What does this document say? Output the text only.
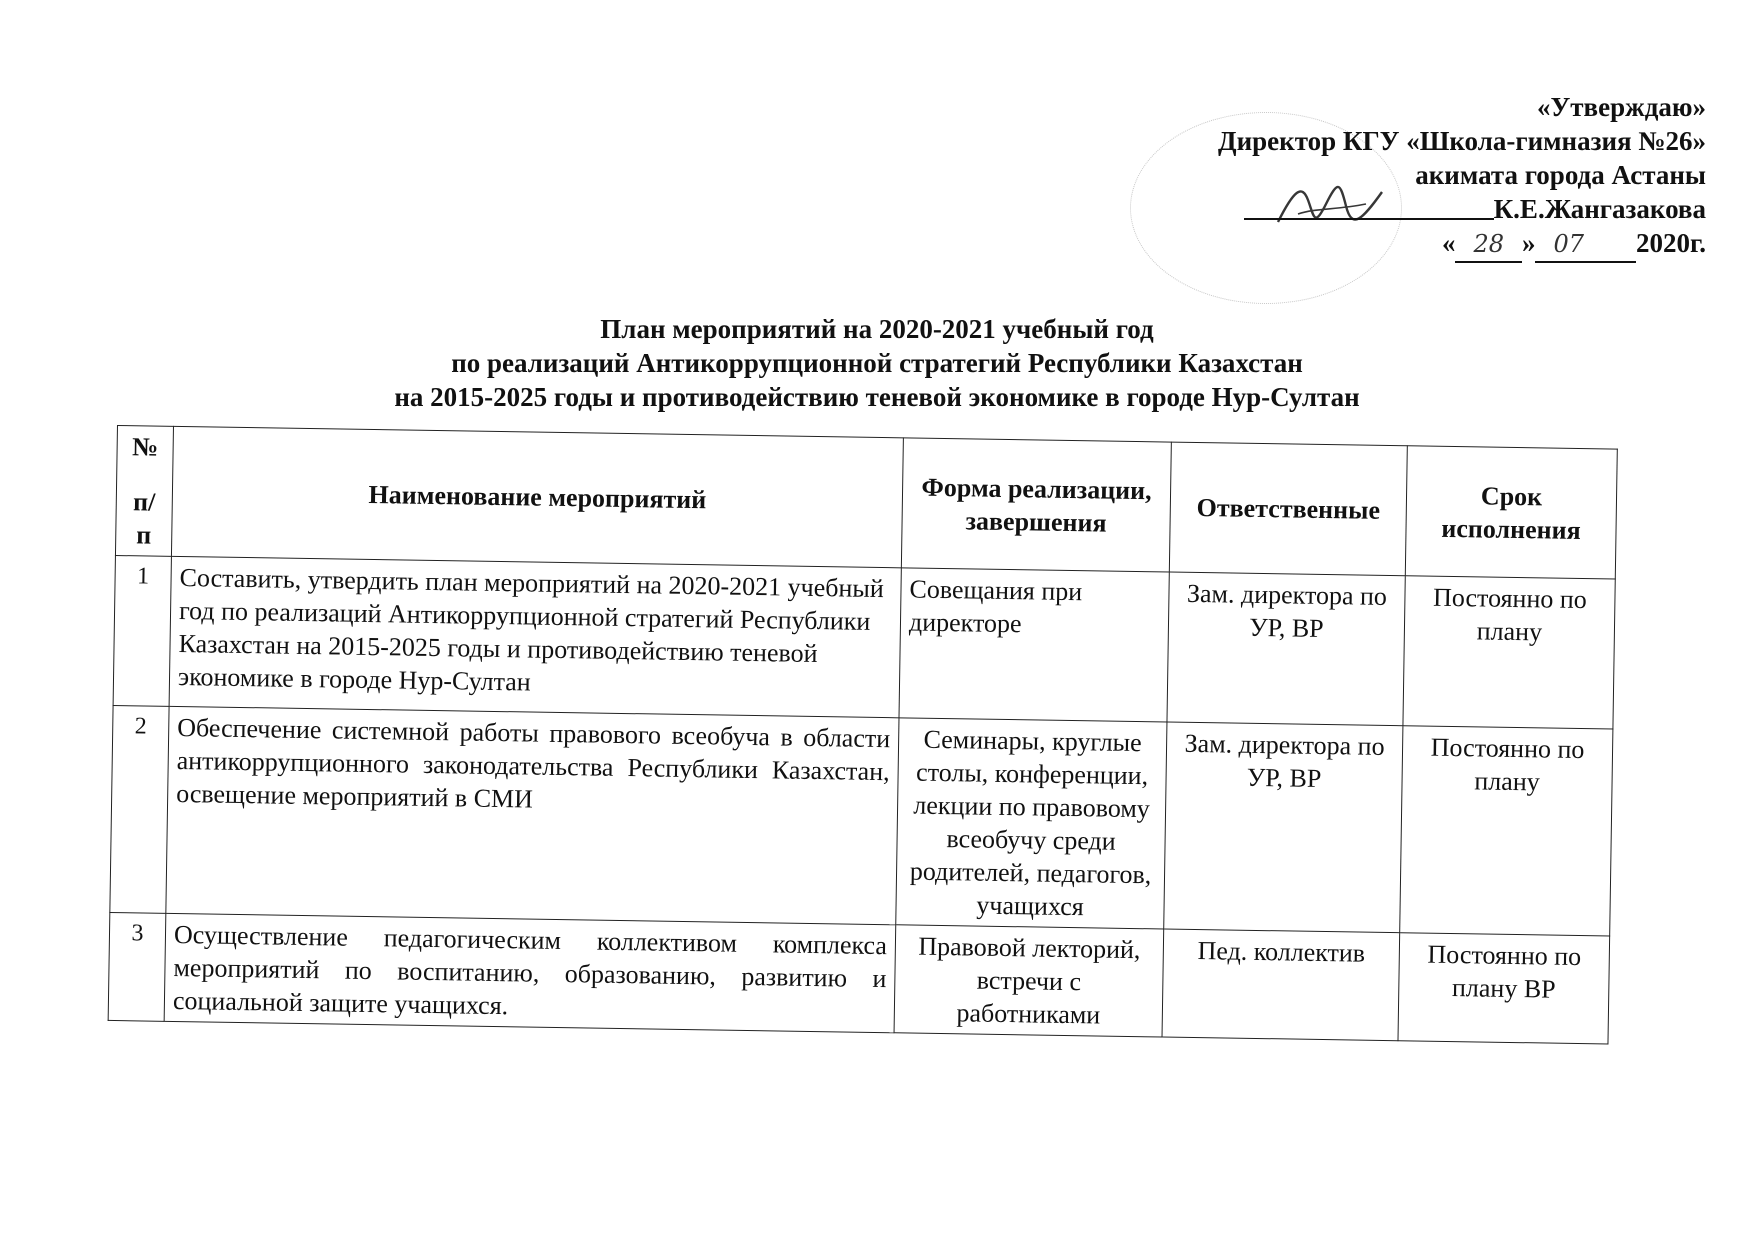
«Утверждаю»
Директор КГУ «Школа-гимназия №26»
акимата города Астаны
К.Е.Жангазакова
« 28 » 07 2020г.
План мероприятий на 2020-2021 учебный год
по реализаций Антикоррупционной стратегий Республики Казахстан
на 2015-2025 годы и противодействию теневой экономике в городе Нур-Султан
№
п/
п	Наименование мероприятий	Форма реализации, завершения	Ответственные	Срок исполнения
1	Составить, утвердить план мероприятий на 2020-2021 учебный год по реализаций Антикоррупционной стратегий Республики Казахстан на 2015-2025 годы и противодействию теневой экономике в городе Нур-Султан	Совещания при директоре	Зам. директора по УР, ВР	Постоянно по плану
2	Обеспечение системной работы правового всеобуча в области антикоррупционного законодательства Республики Казахстан, освещение мероприятий в СМИ	Семинары, круглые столы, конференции, лекции по правовому всеобучу среди родителей, педагогов, учащихся	Зам. директора по УР, ВР	Постоянно по плану
3	Осуществление педагогическим коллективом комплекса мероприятий по воспитанию, образованию, развитию и социальной защите учащихся.	Правовой лекторий, встречи с работниками	Пед. коллектив	Постоянно по плану ВР
